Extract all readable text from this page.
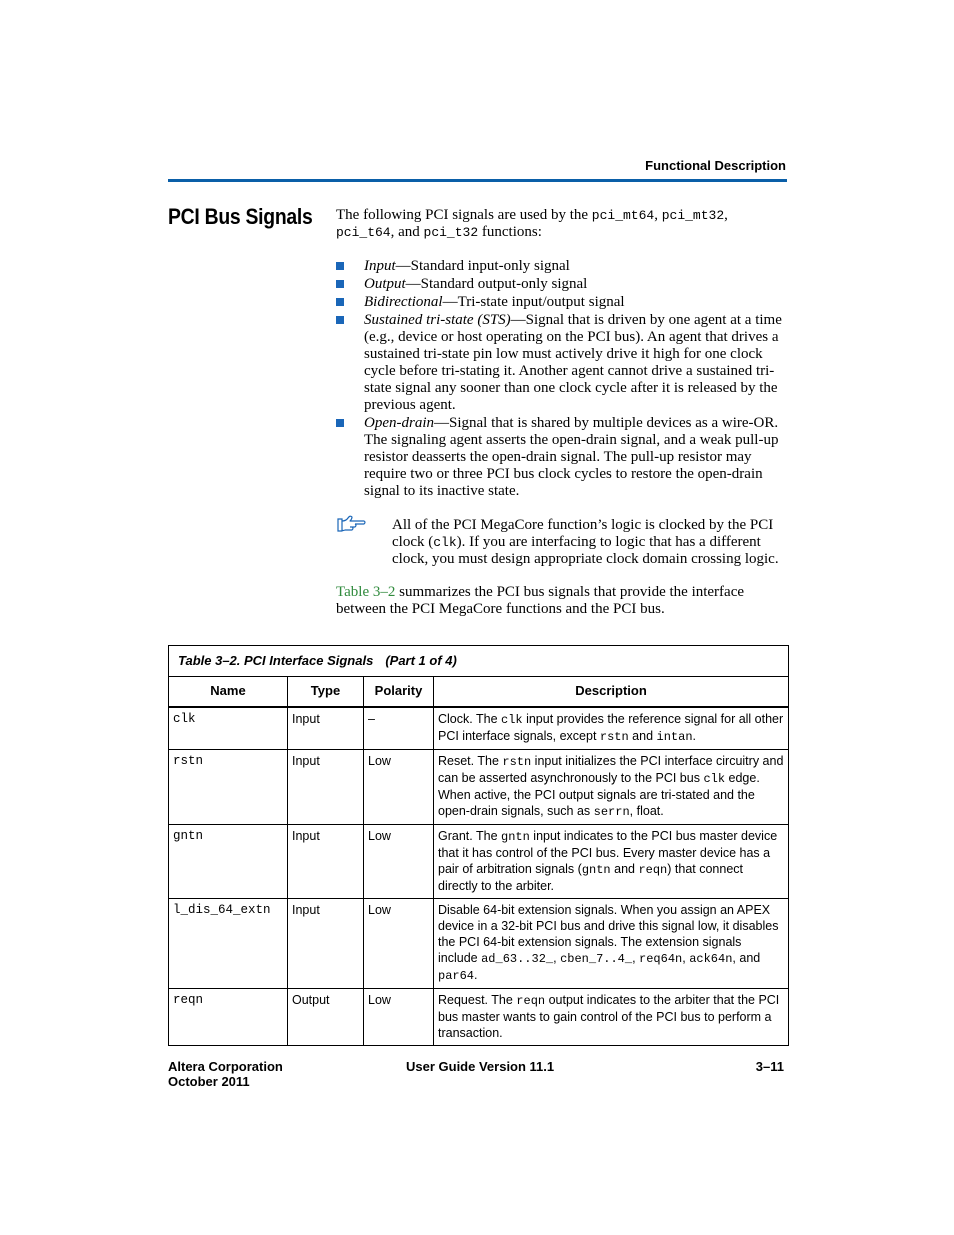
Functional Description
PCI Bus Signals The following PCI signals are used by the pci_mt64, pci_mt32,
pci_t64, and pci_t32 functions:
Input—Standard input-only signal
Output—Standard output-only signal
Bidirectional—Tri-state input/output signal
Sustained tri-state (STS)—Signal that is driven by one agent at a time (e.g., device or host operating on the PCI bus). An agent that drives a sustained tri-state pin low must actively drive it high for one clock cycle before tri-stating it. Another agent cannot drive a sustained tri-state signal any sooner than one clock cycle after it is released by the previous agent.
Open-drain—Signal that is shared by multiple devices as a wire-OR. The signaling agent asserts the open-drain signal, and a weak pull-up resistor deasserts the open-drain signal. The pull-up resistor may require two or three PCI bus clock cycles to restore the open-drain signal to its inactive state.
All of the PCI MegaCore function’s logic is clocked by the PCI clock (clk). If you are interfacing to logic that has a different clock, you must design appropriate clock domain crossing logic.
Table 3–2 summarizes the PCI bus signals that provide the interface between the PCI MegaCore functions and the PCI bus.
Table 3–2. PCI Interface Signals (Part 1 of 4)			
Name	Type	Polarity	Description
clk	Input	–	Clock. The clk input provides the reference signal for all other PCI interface signals, except rstn and intan.
rstn	Input	Low	Reset. The rstn input initializes the PCI interface circuitry and can be asserted asynchronously to the PCI bus clk edge. When active, the PCI output signals are tri-stated and the open-drain signals, such as serrn, float.
gntn	Input	Low	Grant. The gntn input indicates to the PCI bus master device that it has control of the PCI bus. Every master device has a pair of arbitration signals (gntn and reqn) that connect directly to the arbiter.
l_dis_64_extn	Input	Low	Disable 64-bit extension signals. When you assign an APEX device in a 32-bit PCI bus and drive this signal low, it disables the PCI 64-bit extension signals. The extension signals include ad_63..32_, cben_7..4_, req64n, ack64n, and par64.
reqn	Output	Low	Request. The reqn output indicates to the arbiter that the PCI bus master wants to gain control of the PCI bus to perform a transaction.
Altera Corporation
October 2011
User Guide Version 11.1	3–11
